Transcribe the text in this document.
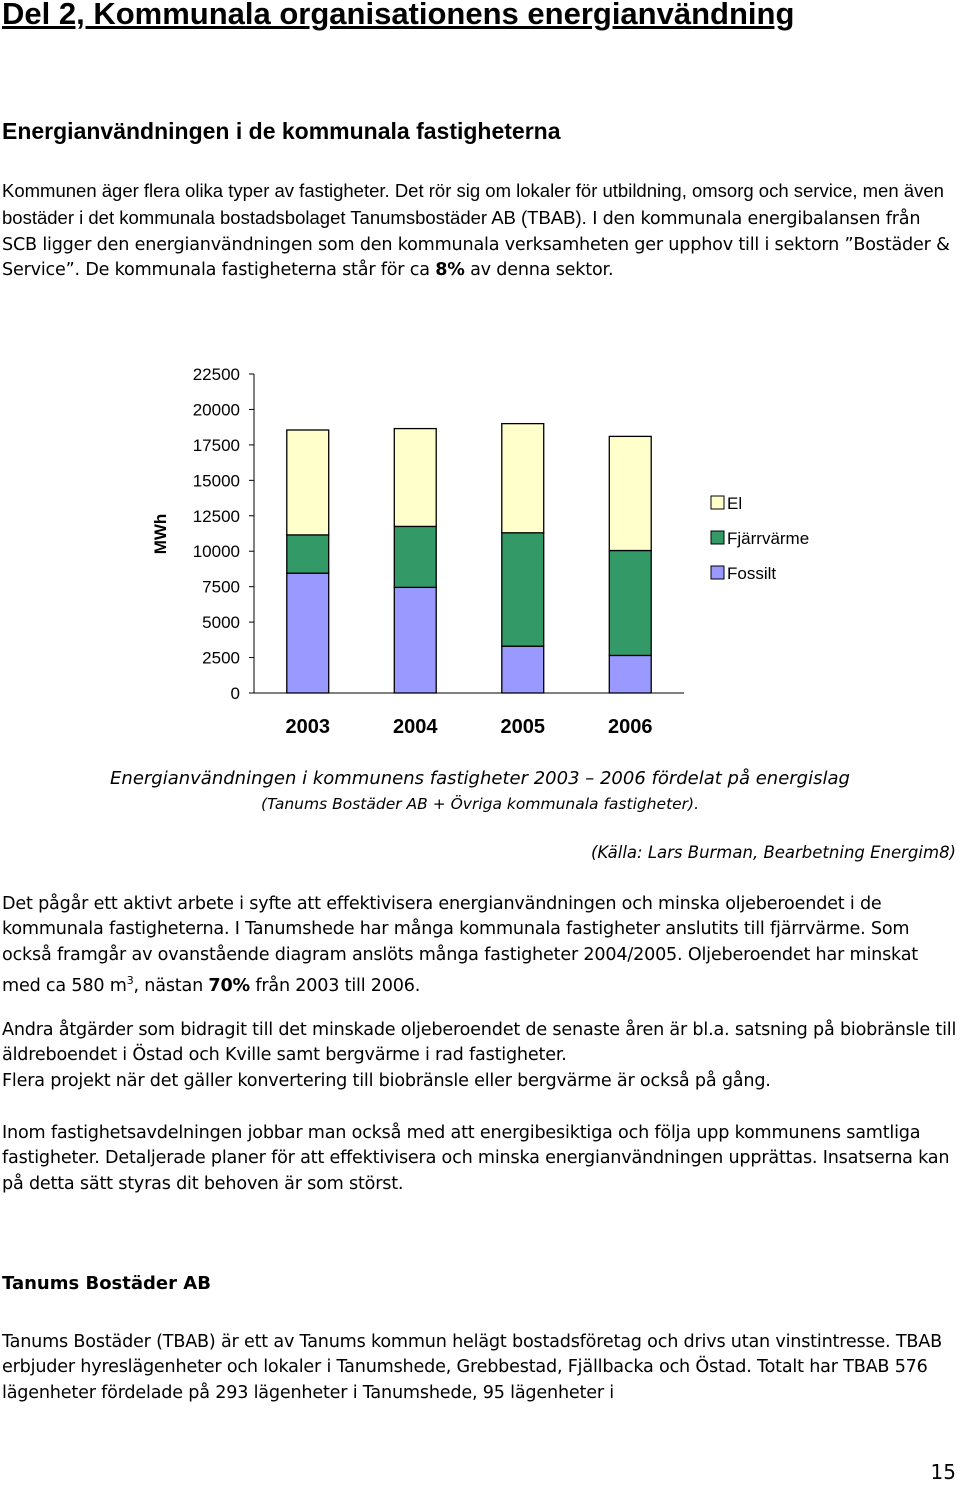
Del 2, Kommunala organisationens energianvändning
Energianvändningen i de kommunala fastigheterna
Kommunen äger flera olika typer av fastigheter. Det rör sig om lokaler för utbildning, omsorg och service, men även bostäder i det kommunala bostadsbolaget Tanumsbostäder AB (TBAB). I den kommunala energibalansen från SCB ligger den energianvändningen som den kommunala verksamheten ger upphov till i sektorn ”Bostäder & Service”. De kommunala fastigheterna står för ca 8% av denna sektor.
0
2500
5000
7500
10000
12500
15000
17500
20000
22500
MWh
2003	2004	2005	2006
El
Fjärrvärme
Fossilt
Energianvändningen i kommunens fastigheter 2003 – 2006 fördelat på energislag
(Tanums Bostäder AB + Övriga kommunala fastigheter).
(Källa: Lars Burman, Bearbetning Energim8)
Det pågår ett aktivt arbete i syfte att effektivisera energianvändningen och minska oljeberoendet i de kommunala fastigheterna. I Tanumshede har många kommunala fastigheter anslutits till fjärrvärme. Som också framgår av ovanstående diagram anslöts många fastigheter 2004/2005. Oljeberoendet har minskat med ca 580 $m^3$, nästan 70% från 2003 till 2006.

Andra åtgärder som bidragit till det minskade oljeberoendet de senaste åren är bl.a. satsning på biobränsle till äldreboendet i Östad och Kville samt bergvärme i rad fastigheter.

Flera projekt när det gäller konvertering till biobränsle eller bergvärme är också på gång.

Inom fastighetsavdelningen jobbar man också med att energibesiktiga och följa upp kommunens samtliga fastigheter. Detaljerade planer för att effektivisera och minska energianvändningen upprättas. Insatserna kan på detta sätt styras dit behoven är som störst.
Tanums Bostäder AB
Tanums Bostäder (TBAB) är ett av Tanums kommun helägt bostadsföretag och drivs utan vinstintresse. TBAB erbjuder hyreslägenheter och lokaler i Tanumshede, Grebbestad, Fjällbacka och Östad. Totalt har TBAB 576 lägenheter fördelade på 293 lägenheter i Tanumshede, 95 lägenheter i
15
